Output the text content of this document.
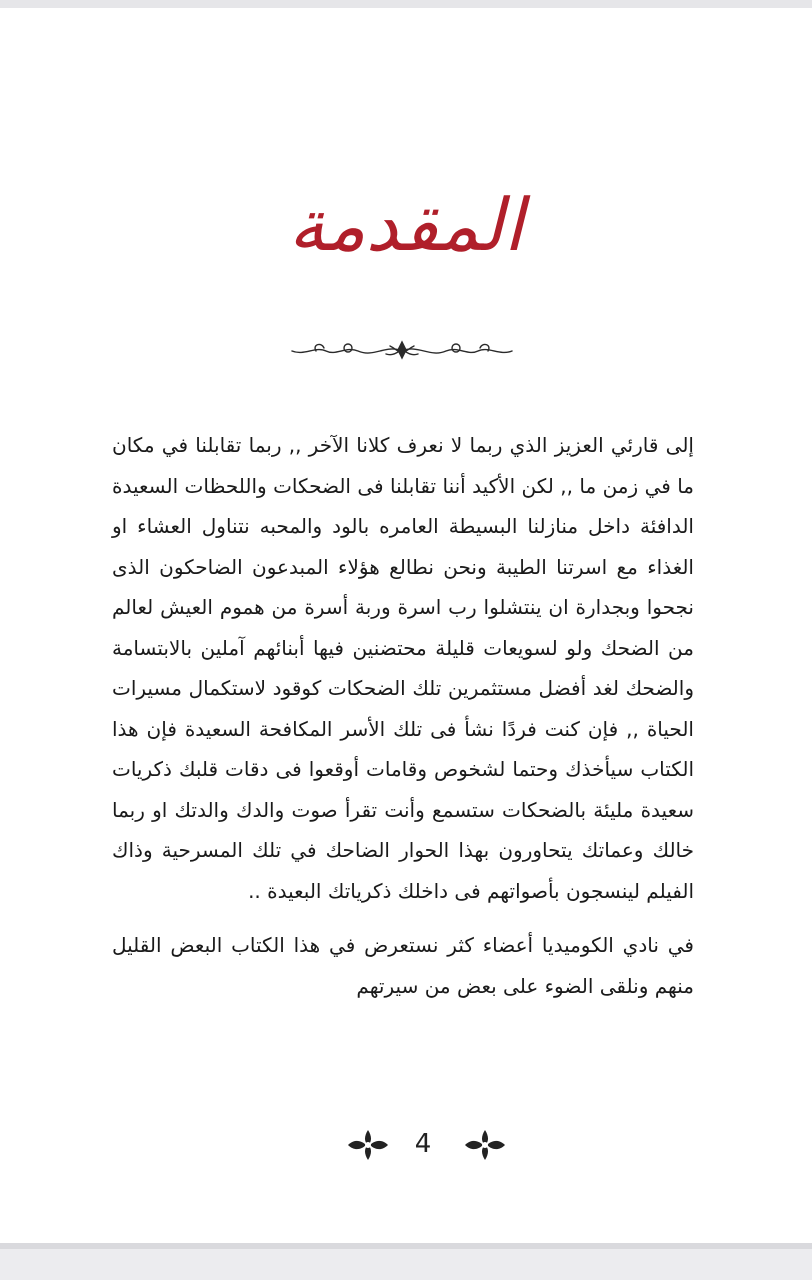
المقدمة

إلى قارئي العزيز الذي ربما لا نعرف كلانا الآخر ,, ربما تقابلنا في مكان ما في زمن ما ,, لكن الأكيد أننا تقابلنا فى الضحكات واللحظات السعيدة الدافئة داخل منازلنا البسيطة العامره بالود والمحبه نتناول العشاء او الغذاء مع اسرتنا الطيبة ونحن نطالع هؤلاء المبدعون الضاحكون الذى نجحوا وبجدارة ان ينتشلوا رب اسرة وربة أسرة من هموم العيش لعالم من الضحك ولو لسويعات قليلة محتضنين فيها أبنائهم آملين بالابتسامة والضحك لغد أفضل مستثمرين تلك الضحكات كوقود لاستكمال مسيرات الحياة ,, فإن كنت فردًا نشأ فى تلك الأسر المكافحة السعيدة فإن هذا الكتاب سيأخذك وحتما لشخوص وقامات أوقعوا فى دقات قلبك ذكريات سعيدة مليئة بالضحكات ستسمع وأنت تقرأ صوت والدك والدتك او ربما خالك وعماتك يتحاورون بهذا الحوار الضاحك في تلك المسرحية وذاك الفيلم لينسجون بأصواتهم فى داخلك ذكرياتك البعيدة ..

في نادي الكوميديا أعضاء كثر نستعرض في هذا الكتاب البعض القليل منهم ونلقى الضوء على بعض من سيرتهم

4
